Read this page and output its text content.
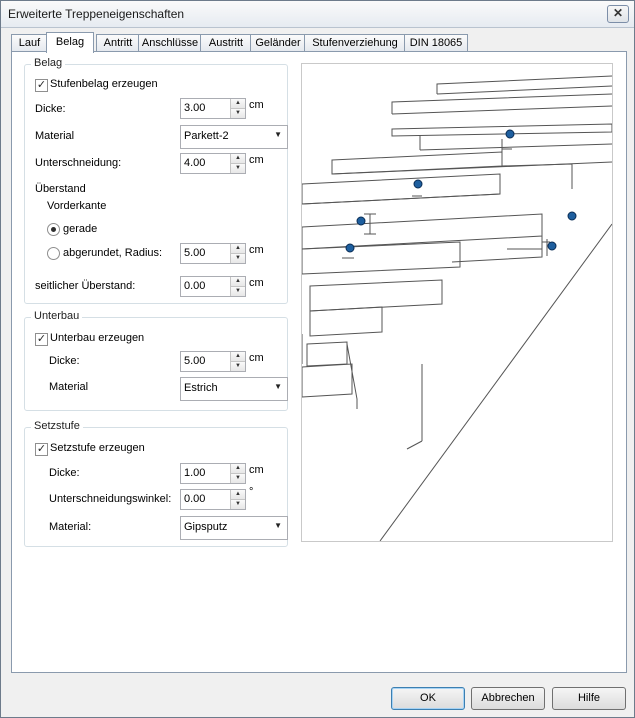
Erweiterte Treppeneigenschaften	✕
Lauf	Belag	Antritt Anschlüsse Austritt	Geländer	Stufenverziehung	DIN 18065
Belag
✓ Stufenbelag erzeugen
Dicke:	3.00	▲
▼
cm
Material	Parkett-2	▼
Unterschneidung:	4.00	▲
▼
cm
Überstand
Vorderkante
gerade
abgerundet, Radius: 5.00	▲
▼
cm
seitlicher Überstand:	0.00	▲
▼
cm
Unterbau
✓ Unterbau erzeugen
Dicke:	5.00	▲
▼
cm
Material	Estrich	▼
Setzstufe
✓ Setzstufe erzeugen
Dicke:	1.00	▲
▼
cm
Unterschneidungswinkel: 0.00	▲
▼
°
Material:	Gipsputz	▼
OK	Abbrechen	Hilfe
